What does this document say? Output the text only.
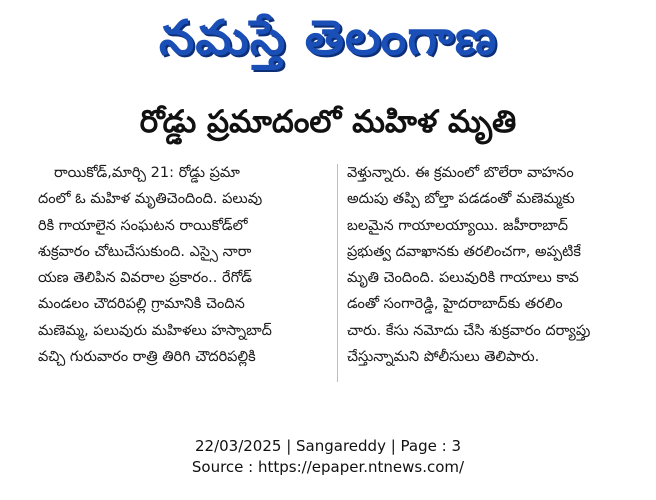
నమస్తే తెలంగాణ
రోడ్డు ప్రమాదంలో మహిళ మృతి
రాయికోడ్,మార్చి 21: రోడ్డు ప్రమా
దంలో ఓ మహిళ మృతిచెందింది. పలువు
రికి గాయాలైన సంఘటన రాయికోడ్‌లో
శుక్రవారం చోటుచేసుకుంది. ఎస్సై నారా
యణ తెలిపిన వివరాల ప్రకారం.. రేగోడ్
మండలం చౌదరిపల్లి గ్రామానికి చెందిన
మణెమ్మ, పలువురు మహిళలు హస్నాబాద్
వచ్చి గురువారం రాత్రి తిరిగి చౌదరిపల్లికి
వెళ్తున్నారు. ఈ క్రమంలో బొలేరా వాహనం
అదుపు తప్పి బోల్తా పడడంతో మణెమ్మకు
బలమైన గాయాలయ్యాయి. జహీరాబాద్
ప్రభుత్వ దవాఖానకు తరలించగా, అప్పటికే
మృతి చెందింది. పలువురికి గాయాలు కావ
డంతో సంగారెడ్డి, హైదరాబాద్‌కు తరలిం
చారు. కేసు నమోదు చేసి శుక్రవారం దర్యాప్తు
చేస్తున్నామని పోలీసులు తెలిపారు.
22/03/2025 | Sangareddy | Page : 3
Source : https://epaper.ntnews.com/
